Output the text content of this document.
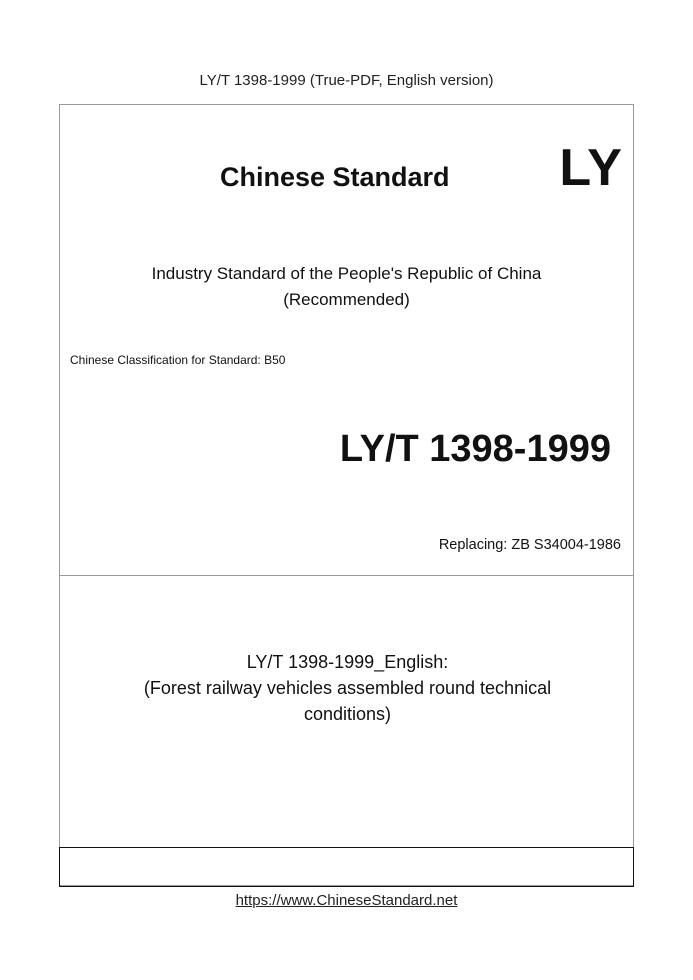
LY/T 1398-1999 (True-PDF, English version)
Chinese Standard LY
Industry Standard of the People's Republic of China
(Recommended)
Chinese Classification for Standard: B50
LY/T 1398-1999
Replacing: ZB S34004-1986
LY/T 1398-1999_English:
(Forest railway vehicles assembled round technical
conditions)
https://www.ChineseStandard.net
